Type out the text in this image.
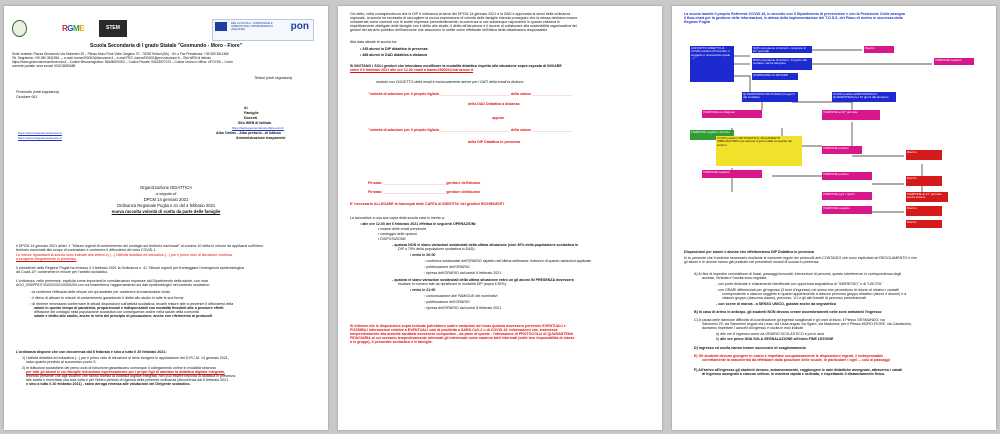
RGME	STEM
PER LA SCUOLA - COMPETENZE E AMBIENTI PER L'APPRENDIMENTO (FSE-FESR)	pon
Scuola Secondaria di I grado Statale "Gesmundo - Moro - Fiore"
Sede centrale: Piazza Gesmundo Via Salvemini 29 – Plesso Moro-Fiore Viale Gargano 70 - 70038 Terlizzi (BA) - Tel. e Fax Presidenza: +39 080 3511366
Tel. Segreteria: +39 080 3511956 — e-mail: bamm290002@istruzione.it – e-mail PEC: bamm290002@pec.istruzione.it – Sito WEB di Istituto:
https://www.gesmundomorofiore.edu.it – Codice Meccanografico: BAMM290002 – Codice Fiscale: 93423970723 – Codice Univoco Ufficio: UFGY8S – Conto
corrente postale: area scuole 001018095658
Terlizzi (vedi segnatura)
Protocollo (vedi segnatura)
Circolare 061
Ai
Famiglie
Docenti
Sito WEB di Istituto
https://www.gesmundomorofiore.edu.it/
Albo Online - Albo pretorio...di Istituto
https://www.trasparenzascuole.it/
Amministrazione trasparente
https://www.trasparenzascuole.it/
Organizzazione DIDATTICA
a seguito di
DPCM 14 gennaio 2021
Ordinanza Regionale Puglia n.41 del 4 febbraio 2021
nuova raccolta volontà di scelta da parte delle famiglie
Il DPCM 14 gennaio 2021 all'art. 1 "Misure urgenti di contenimento del contagio sul territorio nazionale" al comma 10 detta le misure da applicarsi sull'intero
territorio nazionale allo scopo di contrastare e contenere il diffondersi del virus COVID-1
Le misure riguardanti la scuola sono indicate alla lettera s) (...) l'attività didattica ed educativa (...) per il primo ciclo di istruzione continua
a svolgersi integralmente in presenza.
Il presidente della Regione Puglia ha emesso il 4 febbraio 2021 la Ordinanza n. 41 "Misure urgenti per fronteggiare l'emergenza epidemiologica
da Covid-19" contenente le misure per l'ambito scolastico.
L'ordinanza, nelle premesse, esplicita come importanti le considerazioni espresse dal Dipartimento della salute, con nota
AOO_005/PROT/04/02/2021/0000204 con cui trasmetteva l'aggiornamento sui dati epidemiologici nel contesto scolastico:
▫ la conferma l'efficacia delle misure sin qui adottate per contenere la trasmissione virale
▫ il rilievo di attuare le misure di contenimento garantendo il diritto allo studio in tutte le sue forme
▫ di ritenere necessario confermare le attuali disposizioni sull'attività scolastica, recanti misure atte a prevenire il diffondersi della
salute in questo tempo di pandemia, proporzionali e indispensabili con modalità flessibili atte a produrre effetti
diffusione del contagio nella popolazione scolastica con conseguenze anche nella salute della comunità
salute e diritto allo studio, anche in virtù del principio di precauzione, anche con riferimento ai protocolli
L'ordinanza dispone che con decorrenza dal 8 febbraio e sino a tutto il 20 febbraio 2021:
1) l'attività didattica ed educativa (...) per il primo ciclo di istruzione si deve svolgere in applicazione del D.P.C.M. 14 gennaio 2021,
salvo quanto previsto al successivo punto 2;
2) le istituzioni scolastiche del primo ciclo di istruzione garantiscono comunque il collegamento online in modalità sincrona
per tutti gli alunni le cui famiglie richiedono espressamente per i propri figli di adottare la didattica digitale integrata,
tenendo presente che agli studenti che hanno chiesto la didattica digitale integrata, non può essere imposta la didattica in presenza;
tale scelta è esercitata una sola volta e per l'intero periodo di vigenza della presente ordinanza (decorrenza dal 8 febbraio 2021
e sino a tutto il 20 febbraio 2021) - salvo deroga rimessa alle valutazioni del Dirigente scolastico.
Ciò detto, nella consapevolezza che le DIP ti ordinanza al sensi del DPCM 14 gennaio 2021 e la DAD è approvata ai sensi della ordinanza
regionale, la scuola ha necessità di raccogliere la nuova espressione di volontà delle famiglie intenda proseguire che la stessa debbano essere
considerate come coerenti con le scelte espresse precedentemente; la coerenza si ove subdunque rispondenti in quanto valutava le
rispettivamente obbligate delle famiglie con il diritto allo studio, il diritto all'istruzione e il dovere di collaborare alla sostenibilità organizzativa del
gestori del servizio pubblico dell'istruzione che assumono le scelte come effettuate nell'ottica della cittadinanza responsabile.
Alla data attuale le scuola ha:
• 245 alunni in DIP didattica in presenza
• 488 alunni in DAD didattica a distanza
Si INVITANO i SOLI genitori che intendano modificare la modalità didattica rispetto alla situazione sopra esposta di INVIARE
entro il 6 febbraio 2021 alle ore 12.00 email a bamm290002@istruzione.it
modulo con OGGETTO della email e esclusivamente anche per i DATI della email la dicitura:
"volontà di adozione per il proprio figlio/a ___________________________________ della classe ____________________
della DAD Didattica a distanza
oppure
"volontà di adozione per il proprio figlio/a ___________________________________ della classe ____________________
della DIP Didattica in presenza
Firmato: _______________________________ genitore dell'alunno
Firmato: _______________________________ genitore dell'alunno
E' necessario ALLEGARE la fotocopia delle CARTA di IDENTITA' dei genitori RICHIEDENTI
La lavoratrice a una sua copia della scuola sarà in merito a:
• alle ore 12.00 del 6 febbraio 2021 effettua le seguenti OPERAZIONI:
▪ esame delle email pervenute
▪ conteggio delle opzioni
▪ DISPOSIZIONE
- qualora NON vi siano variazioni sostanziali della ultima situazione (cioè 30% della popolazione scolastica in
DIP o 70% della popolazione scolastica in DAD):
• entro le 20:00
◦ conferma sostanziale dell'ORARIO rispetto nell'ultima settimana: inclusivo di quanto variazioni applicate
◦ pubblicazione dell'ORARIO
◦ ripresa dell'ORARIO dal lunedì 8 febbraio 2021
- qualora vi siano variazioni sostanziali della ultima situazione entro un gli alunni IN PRESENZA dovessero
risultare in numero tale da ripristinare le modalità DIP (sopra il 30%):
• entro le 21:00
◦ comunicazione alle FAMIGLIE dei nominativi
◦ pubblicazione dell'ORARIO
◦ ripresa dell'ORARIO dal lunedì 8 febbraio 2021
Si informa che le disposizioni sopra indicate potrebbero subire variazioni ad horas qualora dovessero pervenire EVENTUALI e
POSSIBILI informazioni relative a EVENTUALI casi di positività a SARS-CoV-2 o di COVID-19. Informazioni che, trasmesse
tempestivamente alla autorità sanitaria dovessero comportare - da parte di queste - l'attivazione di PROTOCOLLI di QUARANTENA
FIDUCIARIA al cui scenario tempestivamente informati gli interessati come saranno tutti informati (volte loro impossibilità di classe
o le gruppi), il personale scolastico e le famiglie.
La scuola tramite il proprio Referente COVID-19, in accordo con il Dipartimento di prevenzione e con la Protezione Civile assegna
il flow-chart per la gestione delle informazioni, in attesa della implementazione del T.O.S.S. del Piano di rientro in sicurezza della
Regione Puglia
CONTATTO DIRETTO di COVID positivo (Protocollo: il soggetto è riconosciuto quale ...)
NON compaiono di sintomi - tampone in 10° giornale
NON compaiono di sintomi, 14 giorni dal contatto, senza tampone
COMPAIONO di SINTOMI
Rientro
TAMPONE negativo
QUARANTENA FIDUCIARIA (10 giorni dal contatto)
COVID positivo ASINTOMATICO: QUARANTENA per 10 giorni dal tampone
TAMPONE per diagnosi	TAMPONE al 10° giornale
TAMPONE negativo / Rientro
COVID positivo SINTOMATICO: ISOLAMENTO OBBLIGATORIO per almeno 3 giorni dalla comparsa dei sintomi
TAMPONE positivo
Rientro
TAMPONE negativo	TAMPONE positivo
Rientro
TAMPONE ogni 7 giorni	TAMPONE al 21° giornale senza sintomi
TAMPONE negativo	Rientro
Rientro
Disposizioni per alunni e alunne che effettueranno DIP Didattica in presenza
In tu presente che il sistema necessario risultante le consuete regole dei protocolli anti-CONTAGIO che sono esplicitati nel REGOLAMENTO e che
gli alunni e le alunne hanno già praticato nei precedenti moduli di scuola in presenza:
A) Al fine di impedire commistione di flussi, passaggi incrociati, intersezioni di percorsi, questo interferenze in corrispondenza degli
accessi, l'entrata e l'uscita sono regolate:
- con porte dedicate e chiaramente identificate con opportuna segnaletica di "INGRESSO" e di "USCITA"
- con ORARI differenziati per gli ingressi (3 turni d'ingresso) nel senso che permettono di ridurre al minimo i contatti
corrispondente a ciascun soggetto in quanto appartenente a ciascun percorso gruppo didattico (alunni e alunne) e a
ciascun gruppo (ciascuna classe), percorso: 1/1 e gli altri transiti di percorso preselezionati
- con scene di marcia - a SENSO UNICO, guidate anche da segnaletica
B) In caso di arrivo in anticipo, gli studenti NON devono creare assembramenti nelle zone antistanti l'ingresso
C) A causa delle dannose difficoltà di coordinazione gli ingressi scaglionati e gli orari di inizio, il Plesso GESMUNDO: via
Salvemini 29, via Salvemini angolo via Lissa, via Lissa angolo via Sgarri, via Madonna; per il Plesso MORO-FIORE: via Casalicchio,
dovranno rispettare i cancelli di ingresso e uscita in essi indicati
a) alle ore 8 ingresso come da ORARIO SCOLASTICO e poi in aula
b) alle ore prime UNA SOLA SEGNALAZIONE all'inizio FINE LEZIONE
D) Ingresso ed uscita hanno tranne successivi di scaglionamento
E) Gli studenti devono giungere in orario e rispettare scrupolosamente le disposizioni vigenti, è indispensabile
correttamente la mascherina da effettuare dalla posizione delle scuole, in particolare i ogni ... così ai passaggi
F) All'arrivo all'ingresso gli studenti devono, autonomamente, raggiungere le aule didattiche assegnate, attraverso i canali
di ingresso assegnati a ciascun settore, in maniera rapida e ordinata, e rispettando il distanziamento fisico.
